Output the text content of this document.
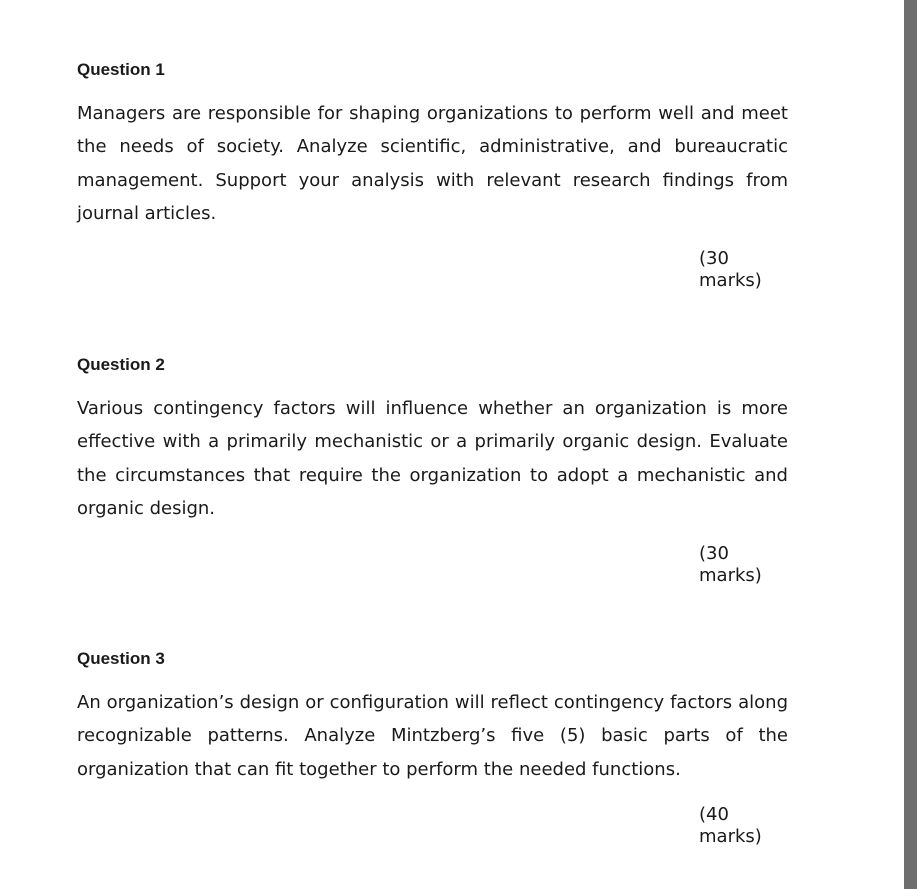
Question 1

Managers are responsible for shaping organizations to perform well and meet the needs of society. Analyze scientific, administrative, and bureaucratic management. Support your analysis with relevant research findings from journal articles.

(30 marks)

Question 2

Various contingency factors will influence whether an organization is more effective with a primarily mechanistic or a primarily organic design. Evaluate the circumstances that require the organization to adopt a mechanistic and organic design.

(30 marks)

Question 3

An organization’s design or configuration will reflect contingency factors along recognizable patterns. Analyze Mintzberg’s five (5) basic parts of the organization that can fit together to perform the needed functions.

(40 marks)
